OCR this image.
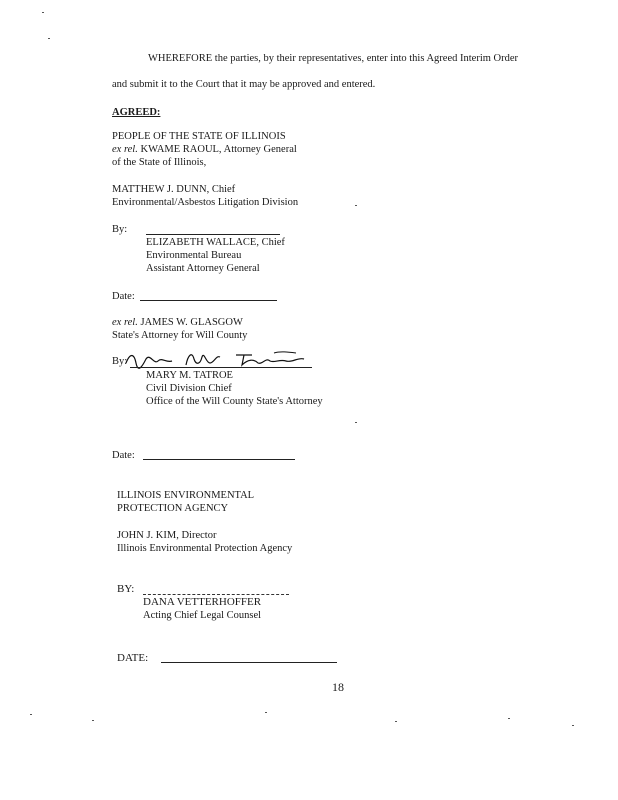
WHEREFORE the parties, by their representatives, enter into this Agreed Interim Order
and submit it to the Court that it may be approved and entered.
AGREED:
PEOPLE OF THE STATE OF ILLINOIS
ex rel. KWAME RAOUL, Attorney General
of the State of Illinois,
MATTHEW J. DUNN, Chief
Environmental/Asbestos Litigation Division
By:
ELIZABETH WALLACE, Chief
Environmental Bureau
Assistant Attorney General
Date:
ex rel. JAMES W. GLASGOW
State's Attorney for Will County
By:
MARY M. TATROE
Civil Division Chief
Office of the Will County State's Attorney
Date:
ILLINOIS ENVIRONMENTAL
PROTECTION AGENCY
JOHN J. KIM, Director
Illinois Environmental Protection Agency
BY:
DANA VETTERHOFFER
Acting Chief Legal Counsel
DATE:
18
